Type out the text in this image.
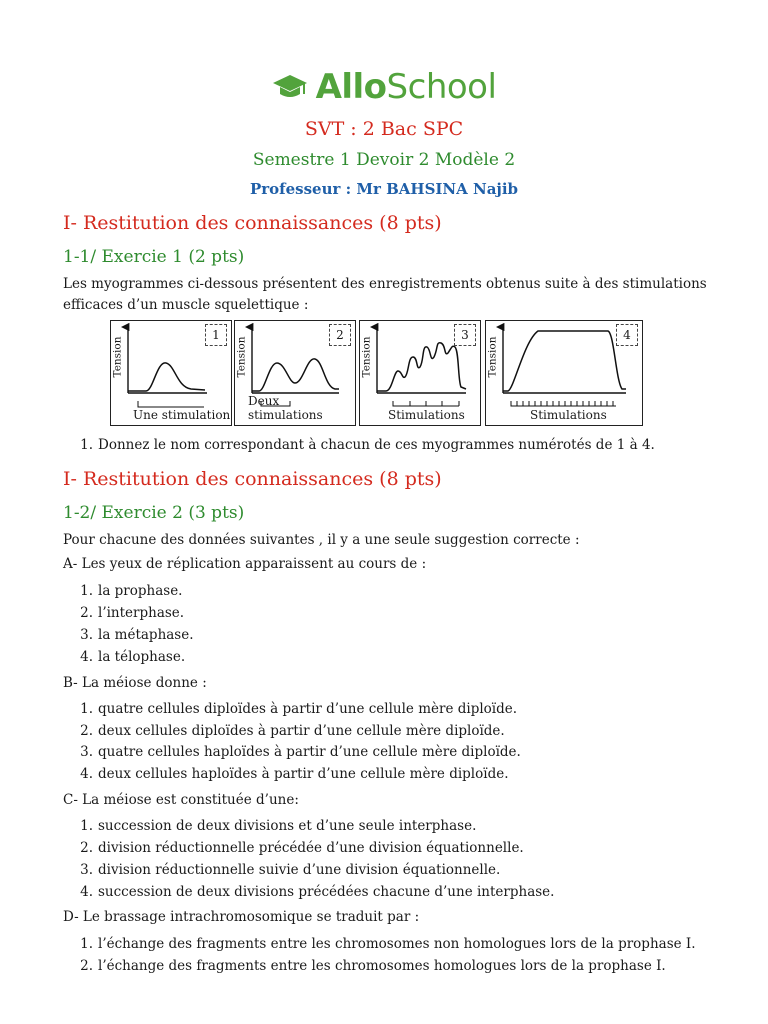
AlloSchool
SVT : 2 Bac SPC
Semestre 1 Devoir 2 Modèle 2
Professeur : Mr BAHSINA Najib
I- Restitution des connaissances (8 pts)
1-1/ Exercie 1 (2 pts)
Les myogrammes ci-dessous présentent des enregistrements obtenus suite à des stimulations efficaces d’un muscle squelettique :
Tension
1
Une stimulation
Tension
2
Deux stimulations
Tension
3
Stimulations
Tension
4
Stimulations
1. Donnez le nom correspondant à chacun de ces myogrammes numérotés de 1 à 4.
I- Restitution des connaissances (8 pts)
1-2/ Exercie 2 (3 pts)
Pour chacune des données suivantes , il y a une seule suggestion correcte :
A- Les yeux de réplication apparaissent au cours de :
1. la prophase.
2. l’interphase.
3. la métaphase.
4. la télophase.
B- La méiose donne :
1. quatre cellules diploïdes à partir d’une cellule mère diploïde.
2. deux cellules diploïdes à partir d’une cellule mère diploïde.
3. quatre cellules haploïdes à partir d’une cellule mère diploïde.
4. deux cellules haploïdes à partir d’une cellule mère diploïde.
C- La méiose est constituée d’une:
1. succession de deux divisions et d’une seule interphase.
2. division réductionnelle précédée d’une division équationnelle.
3. division réductionnelle suivie d’une division équationnelle.
4. succession de deux divisions précédées chacune d’une interphase.
D- Le brassage intrachromosomique se traduit par :
1. l’échange des fragments entre les chromosomes non homologues lors de la prophase I.
2. l’échange des fragments entre les chromosomes homologues lors de la prophase I.
